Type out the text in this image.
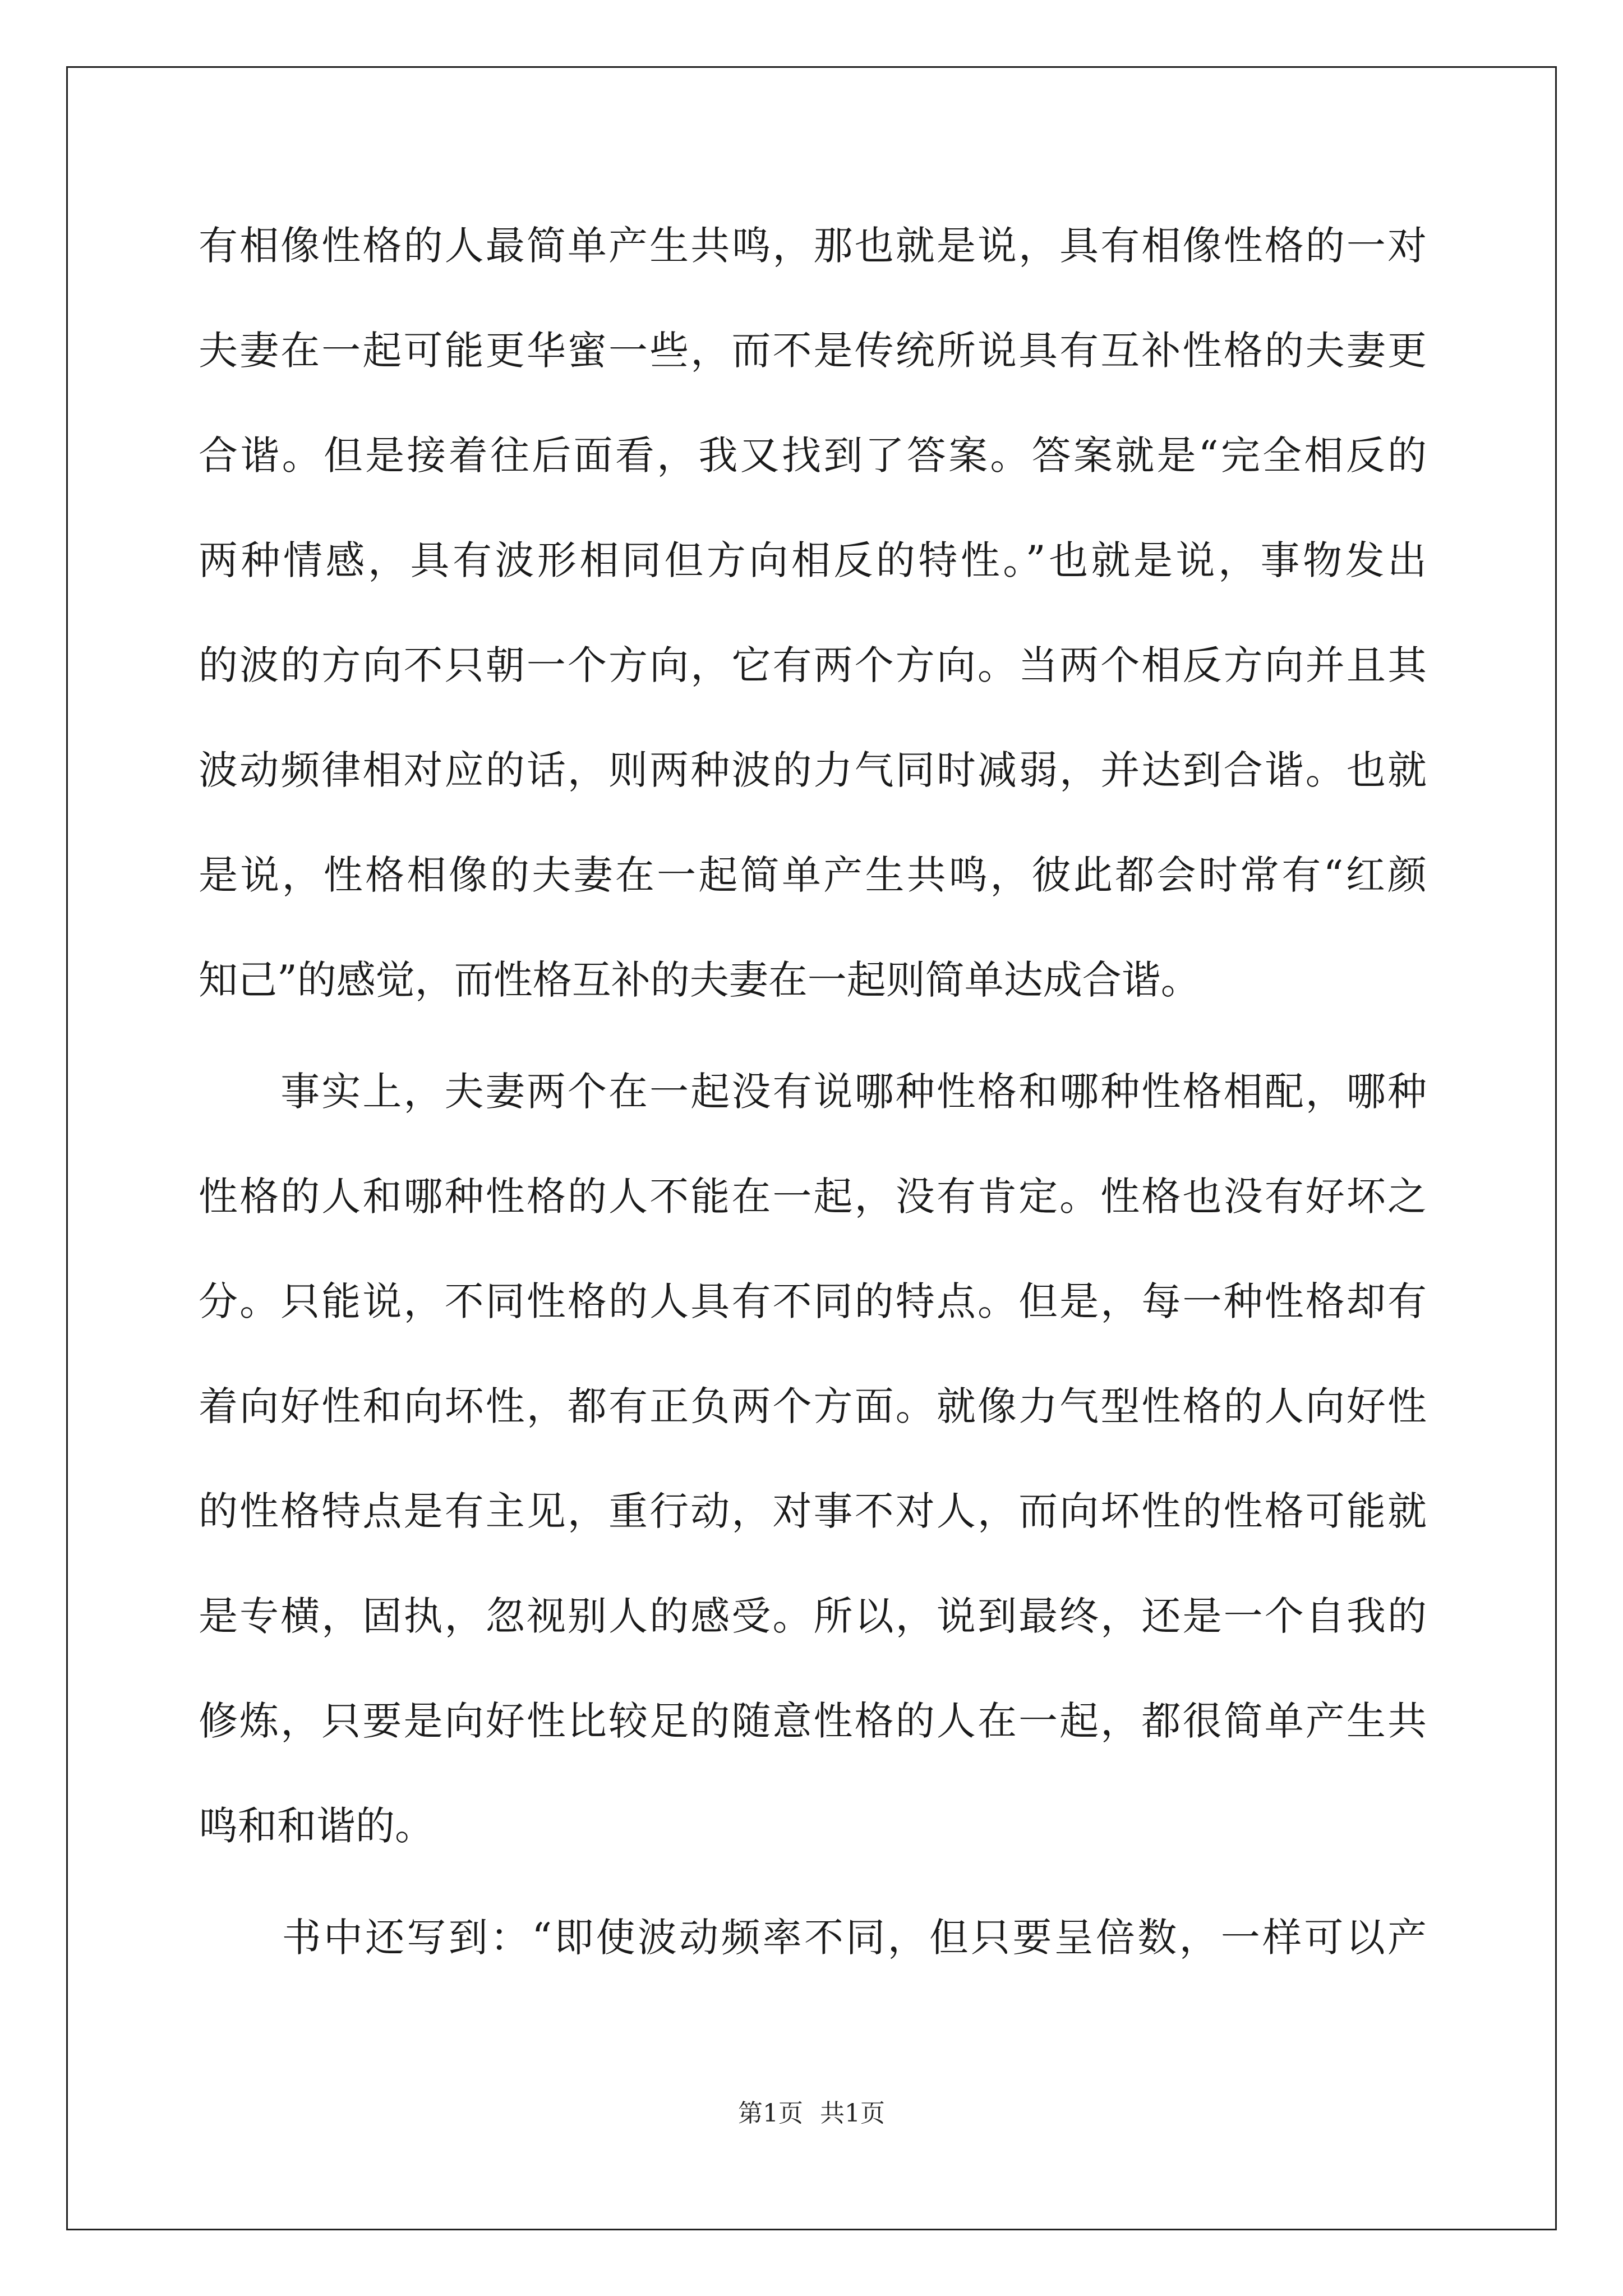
有相像性格的人最简单产生共鸣，那也就是说，具有相像性格的一对
夫妻在一起可能更华蜜一些，而不是传统所说具有互补性格的夫妻更
合谐。但是接着往后面看，我又找到了答案。答案就是“完全相反的
两种情感，具有波形相同但方向相反的特性。”也就是说，事物发出
的波的方向不只朝一个方向，它有两个方向。当两个相反方向并且其
波动频律相对应的话，则两种波的力气同时减弱，并达到合谐。也就
是说，性格相像的夫妻在一起简单产生共鸣，彼此都会时常有“红颜
知己”的感觉，而性格互补的夫妻在一起则简单达成合谐。
　　事实上，夫妻两个在一起没有说哪种性格和哪种性格相配，哪种
性格的人和哪种性格的人不能在一起，没有肯定。性格也没有好坏之
分。只能说，不同性格的人具有不同的特点。但是，每一种性格却有
着向好性和向坏性，都有正负两个方面。就像力气型性格的人向好性
的性格特点是有主见，重行动，对事不对人，而向坏性的性格可能就
是专横，固执，忽视别人的感受。所以，说到最终，还是一个自我的
修炼，只要是向好性比较足的随意性格的人在一起，都很简单产生共
鸣和和谐的。
　　书中还写到：“即使波动频率不同，但只要呈倍数，一样可以产
第1页 共1页
